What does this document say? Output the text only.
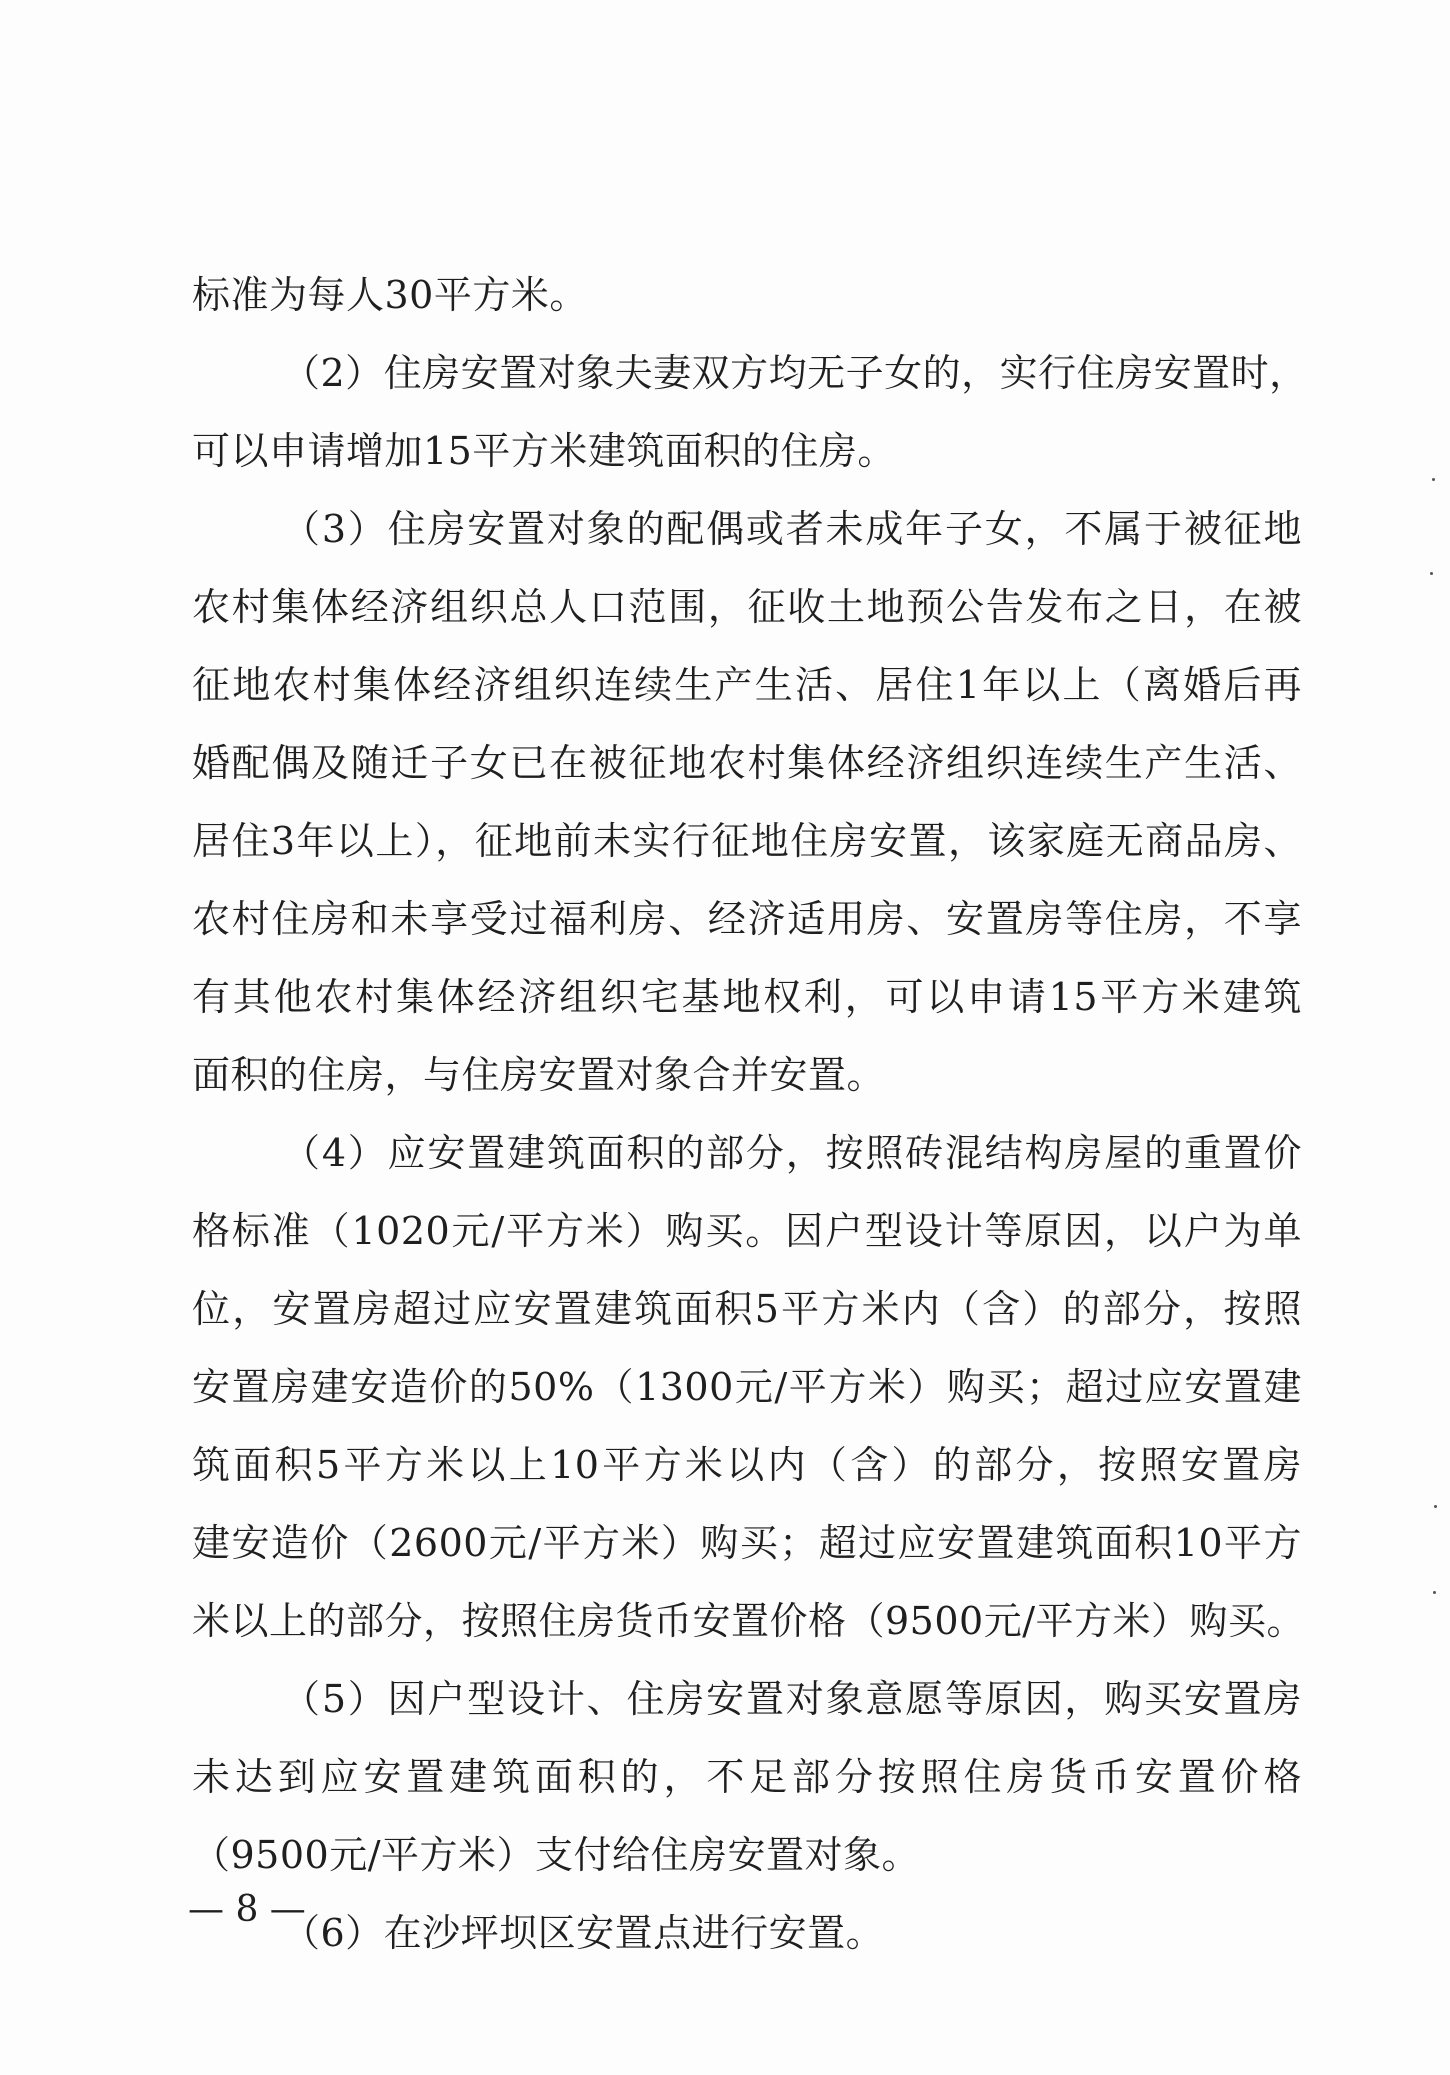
标准为每人30平方米。
（2）住房安置对象夫妻双方均无子女的，实行住房安置时，
可以申请增加15平方米建筑面积的住房。
（3）住房安置对象的配偶或者未成年子女，不属于被征地
农村集体经济组织总人口范围，征收土地预公告发布之日，在被
征地农村集体经济组织连续生产生活、居住1年以上（离婚后再
婚配偶及随迁子女已在被征地农村集体经济组织连续生产生活、
居住3年以上），征地前未实行征地住房安置，该家庭无商品房、
农村住房和未享受过福利房、经济适用房、安置房等住房，不享
有其他农村集体经济组织宅基地权利，可以申请15平方米建筑
面积的住房，与住房安置对象合并安置。
（4）应安置建筑面积的部分，按照砖混结构房屋的重置价
格标准（1020元/平方米）购买。因户型设计等原因，以户为单
位，安置房超过应安置建筑面积5平方米内（含）的部分，按照
安置房建安造价的50%（1300元/平方米）购买；超过应安置建
筑面积5平方米以上10平方米以内（含）的部分，按照安置房
建安造价（2600元/平方米）购买；超过应安置建筑面积10平方
米以上的部分，按照住房货币安置价格（9500元/平方米）购买。
（5）因户型设计、住房安置对象意愿等原因，购买安置房
未达到应安置建筑面积的，不足部分按照住房货币安置价格
（9500元/平方米）支付给住房安置对象。
（6）在沙坪坝区安置点进行安置。
— 8 —
